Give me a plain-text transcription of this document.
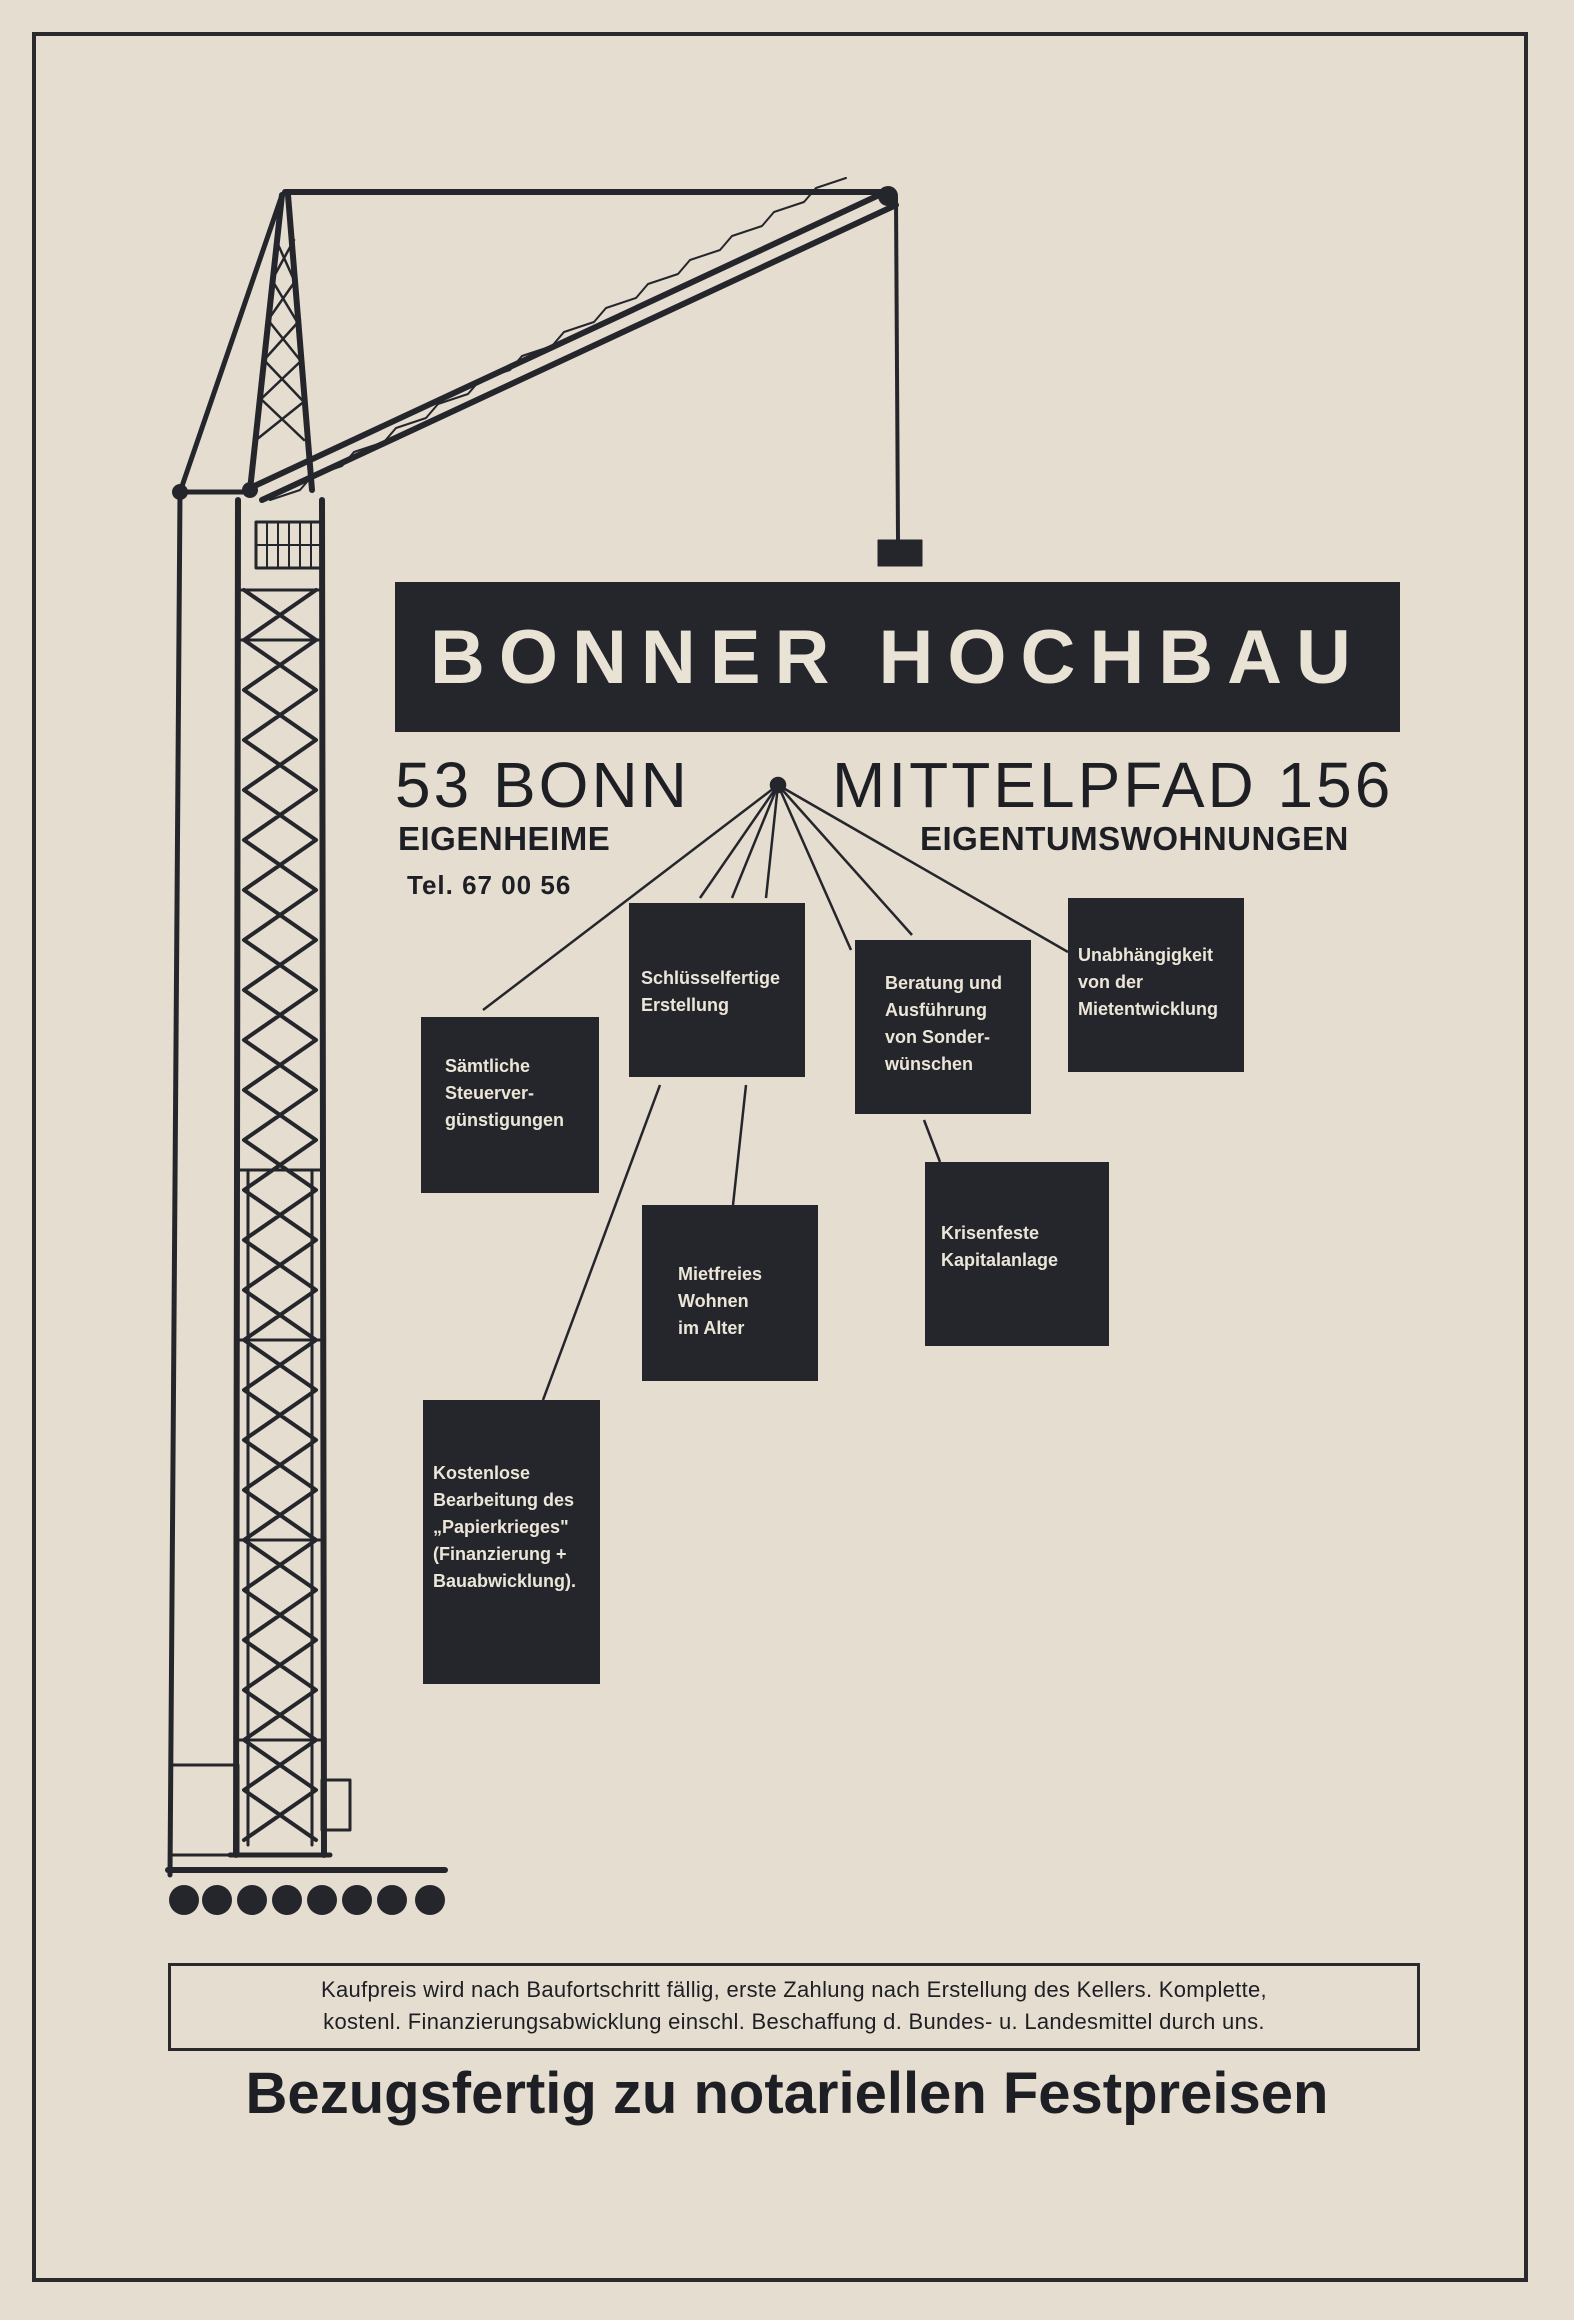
BONNER HOCHBAU
53 BONN MITTELPFAD 156
EIGENHEIME	EIGENTUMSWOHNUNGEN
Tel. 67 00 56
Sämtliche
Steuerver-
günstigungen
Schlüsselfertige
Erstellung
Beratung und
Ausführung
von Sonder-
wünschen
Unabhängigkeit
von der
Mietentwicklung
Mietfreies
Wohnen
im Alter
Krisenfeste
Kapitalanlage
Kostenlose
Bearbeitung des
„Papierkrieges"
(Finanzierung +
Bauabwicklung).
Kaufpreis wird nach Baufortschritt fällig, erste Zahlung nach Erstellung des Kellers. Komplette,
kostenl. Finanzierungsabwicklung einschl. Beschaffung d. Bundes- u. Landesmittel durch uns.
Bezugsfertig zu notariellen Festpreisen
